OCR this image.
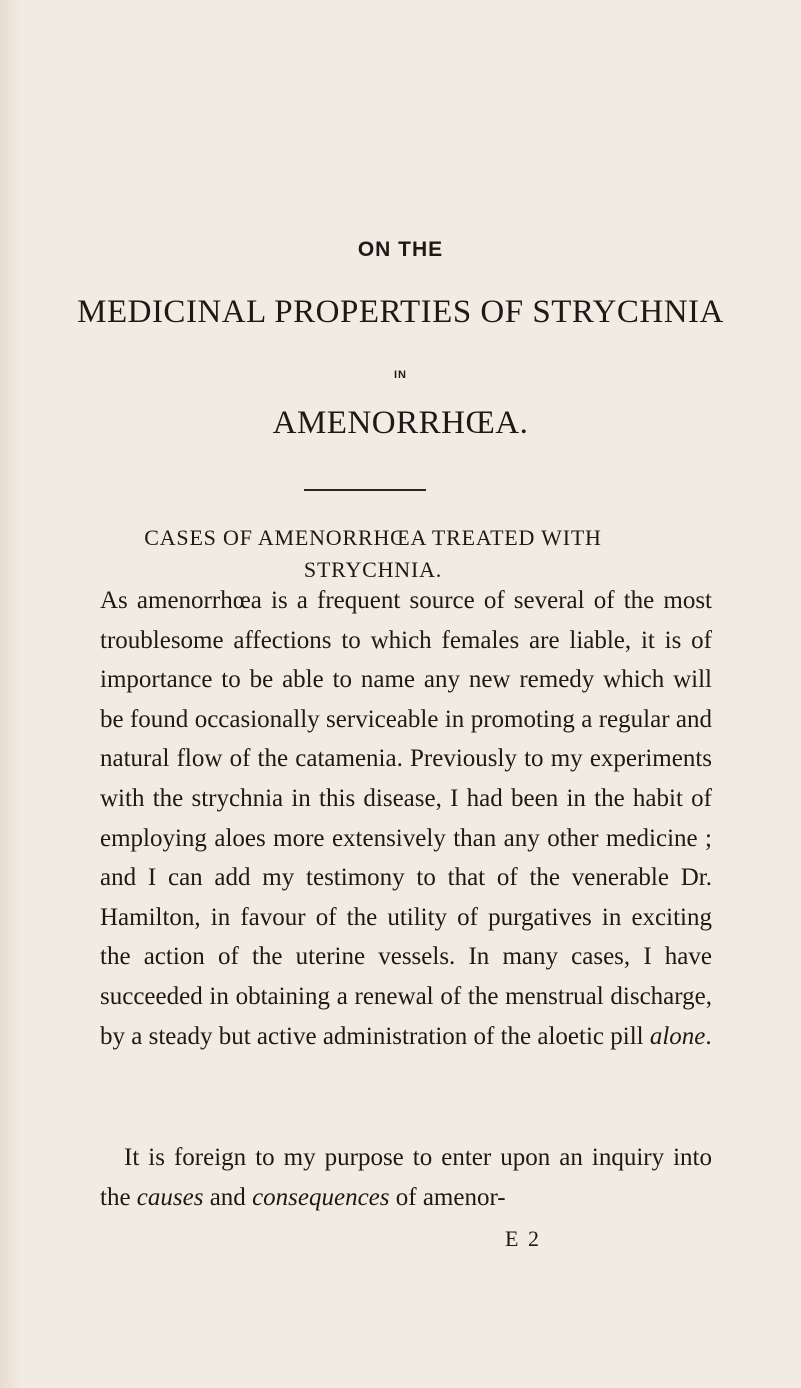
ON THE
MEDICINAL PROPERTIES OF STRYCHNIA
IN
AMENORRHŒA.
CASES OF AMENORRHŒA TREATED WITH STRYCHNIA.

As amenorrhœa is a frequent source of several of the most troublesome affections to which females are liable, it is of importance to be able to name any new remedy which will be found occasionally serviceable in promoting a regular and natural flow of the catamenia. Previously to my experiments with the strychnia in this disease, I had been in the habit of employing aloes more extensively than any other medicine ; and I can add my testimony to that of the venerable Dr. Hamilton, in favour of the utility of purgatives in exciting the action of the uterine vessels. In many cases, I have succeeded in obtaining a renewal of the menstrual discharge, by a steady but active administration of the aloetic pill alone.

It is foreign to my purpose to enter upon an inquiry into the causes and consequences of amenor-

E 2
